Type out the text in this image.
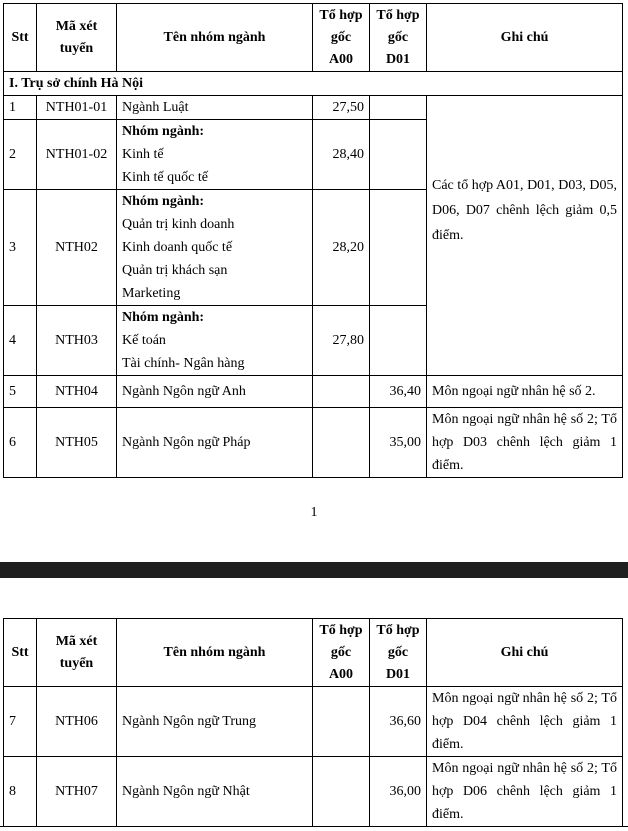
Stt	Mã xét
tuyển	Tên nhóm ngành	Tổ hợp
gốc
A00	Tổ hợp
gốc
D01	Ghi chú
I. Trụ sở chính Hà Nội					
1	NTH01-01	Ngành Luật	27,50		Các tổ hợp A01, D01, D03, D05, D06, D07 chênh lệch giảm 0,5 điểm.
2	NTH01-02	Nhóm ngành:
Kinh tế
Kinh tế quốc tế	28,40		
3	NTH02	Nhóm ngành:
Quản trị kinh doanh
Kinh doanh quốc tế
Quản trị khách sạn
Marketing	28,20		
4	NTH03	Nhóm ngành:
Kế toán
Tài chính- Ngân hàng	27,80		
5	NTH04	Ngành Ngôn ngữ Anh		36,40	Môn ngoại ngữ nhân hệ số 2.
6	NTH05	Ngành Ngôn ngữ Pháp		35,00	Môn ngoại ngữ nhân hệ số 2; Tổ hợp D03 chênh lệch giảm 1 điểm.
1
Stt	Mã xét
tuyển	Tên nhóm ngành	Tổ hợp
gốc
A00	Tổ hợp
gốc
D01	Ghi chú
7	NTH06	Ngành Ngôn ngữ Trung		36,60	Môn ngoại ngữ nhân hệ số 2; Tổ hợp D04 chênh lệch giảm 1 điểm.
8	NTH07	Ngành Ngôn ngữ Nhật		36,00	Môn ngoại ngữ nhân hệ số 2; Tổ hợp D06 chênh lệch giảm 1 điểm.
